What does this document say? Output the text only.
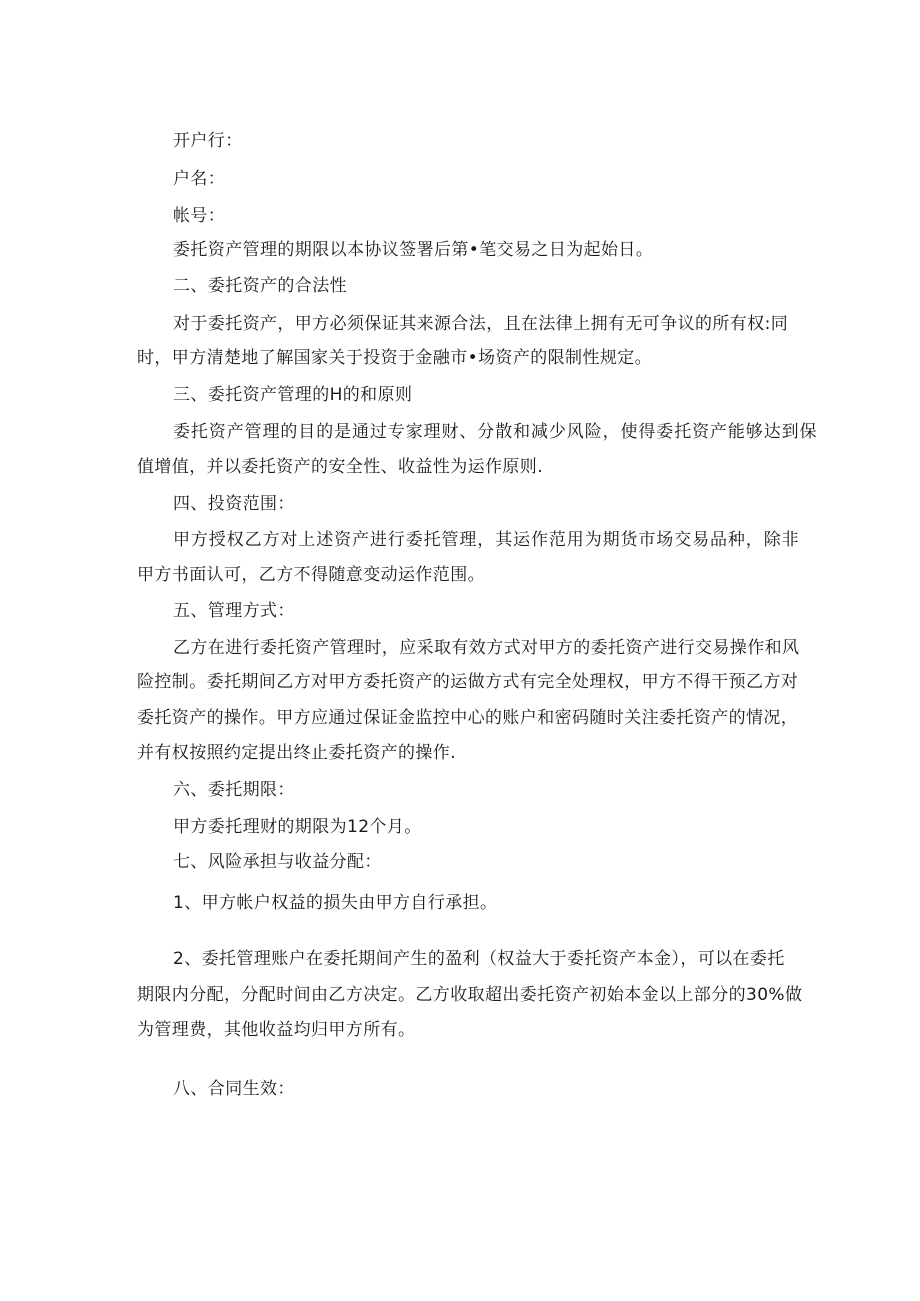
开户行：
户名：
帐号：
委托资产管理的期限以本协议签署后第•笔交易之日为起始日。
二、委托资产的合法性
对于委托资产，甲方必须保证其来源合法，且在法律上拥有无可争议的所有权:同
时，甲方清楚地了解国家关于投资于金融市•场资产的限制性规定。
三、委托资产管理的H的和原则
委托资产管理的目的是通过专家理财、分散和减少风险，使得委托资产能够达到保
值增值，并以委托资产的安全性、收益性为运作原则.
四、投资范围：
甲方授权乙方对上述资产进行委托管理，其运作范用为期货市场交易品种，除非
甲方书面认可，乙方不得随意变动运作范围。
五、管理方式：
乙方在进行委托资产管理时，应采取有效方式对甲方的委托资产进行交易操作和风
险控制。委托期间乙方对甲方委托资产的运做方式有完全处理权，甲方不得干预乙方对
委托资产的操作。甲方应通过保证金监控中心的账户和密码随时关注委托资产的情况，
并有权按照约定提出终止委托资产的操作.
六、委托期限：
甲方委托理财的期限为12个月。
七、风险承担与收益分配：
1、甲方帐户权益的损失由甲方自行承担。
2、委托管理账户在委托期间产生的盈利（权益大于委托资产本金），可以在委托
期限内分配，分配时间由乙方决定。乙方收取超出委托资产初始本金以上部分的30%做
为管理费，其他收益均归甲方所有。
八、合同生效：
